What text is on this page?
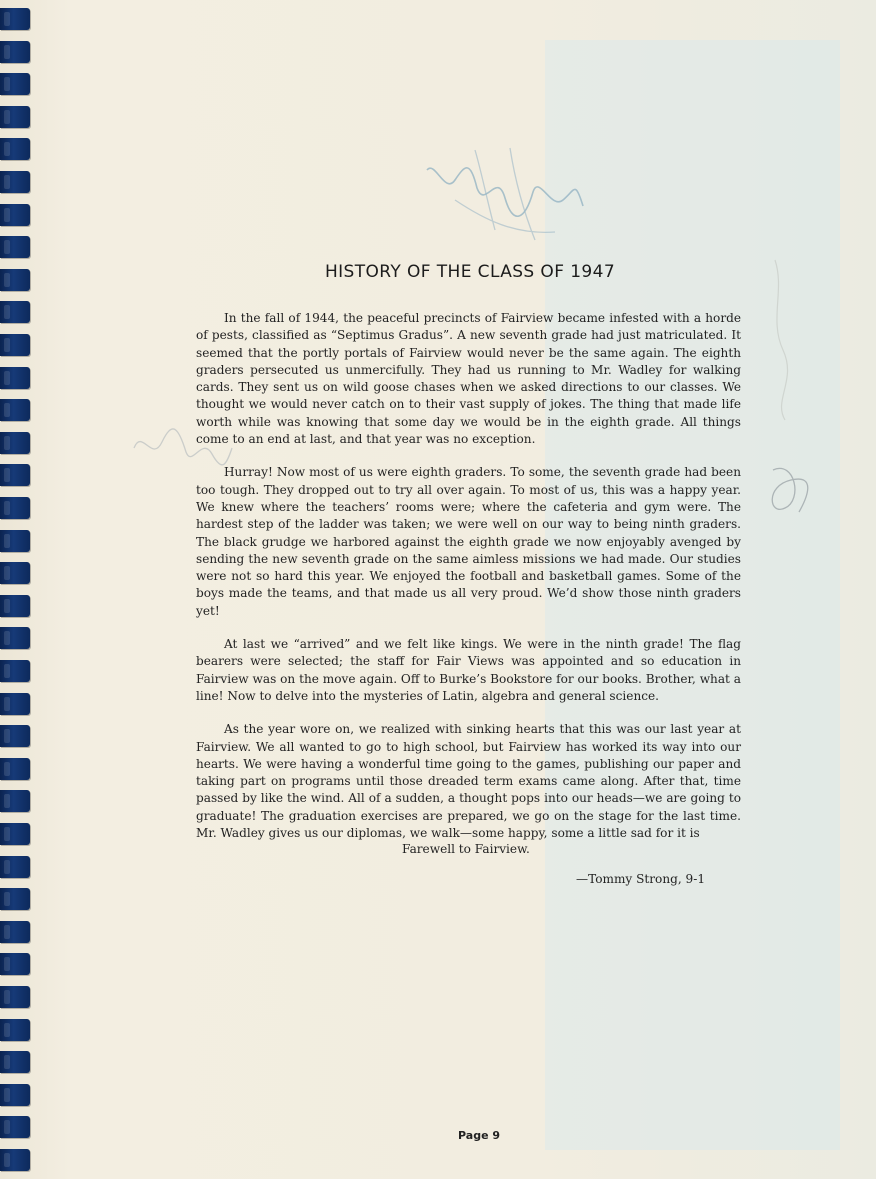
HISTORY OF THE CLASS OF 1947

In the fall of 1944, the peaceful precincts of Fairview became infested with a horde of pests, classified as “Septimus Gradus”. A new seventh grade had just matriculated. It seemed that the portly portals of Fairview would never be the same again. The eighth graders persecuted us unmercifully. They had us running to Mr. Wadley for walking cards. They sent us on wild goose chases when we asked directions to our classes. We thought we would never catch on to their vast supply of jokes. The thing that made life worth while was knowing that some day we would be in the eighth grade. All things come to an end at last, and that year was no exception.

Hurray! Now most of us were eighth graders. To some, the seventh grade had been too tough. They dropped out to try all over again. To most of us, this was a happy year. We knew where the teachers’ rooms were; where the cafeteria and gym were. The hardest step of the ladder was taken; we were well on our way to being ninth graders. The black grudge we harbored against the eighth grade we now enjoyably avenged by sending the new seventh grade on the same aimless missions we had made. Our studies were not so hard this year. We enjoyed the football and basketball games. Some of the boys made the teams, and that made us all very proud. We’d show those ninth graders yet!

At last we “arrived” and we felt like kings. We were in the ninth grade! The flag bearers were selected; the staff for Fair Views was appointed and so education in Fairview was on the move again. Off to Burke’s Bookstore for our books. Brother, what a line! Now to delve into the mysteries of Latin, algebra and general science.

As the year wore on, we realized with sinking hearts that this was our last year at Fairview. We all wanted to go to high school, but Fairview has worked its way into our hearts. We were having a wonderful time going to the games, publishing our paper and taking part on programs until those dreaded term exams came along. After that, time passed by like the wind. All of a sudden, a thought pops into our heads—we are going to graduate! The graduation exercises are prepared, we go on the stage for the last time. Mr. Wadley gives us our diplomas, we walk—some happy, some a little sad for it is

Farewell to Fairview.
—Tommy Strong, 9-1
Page 9
